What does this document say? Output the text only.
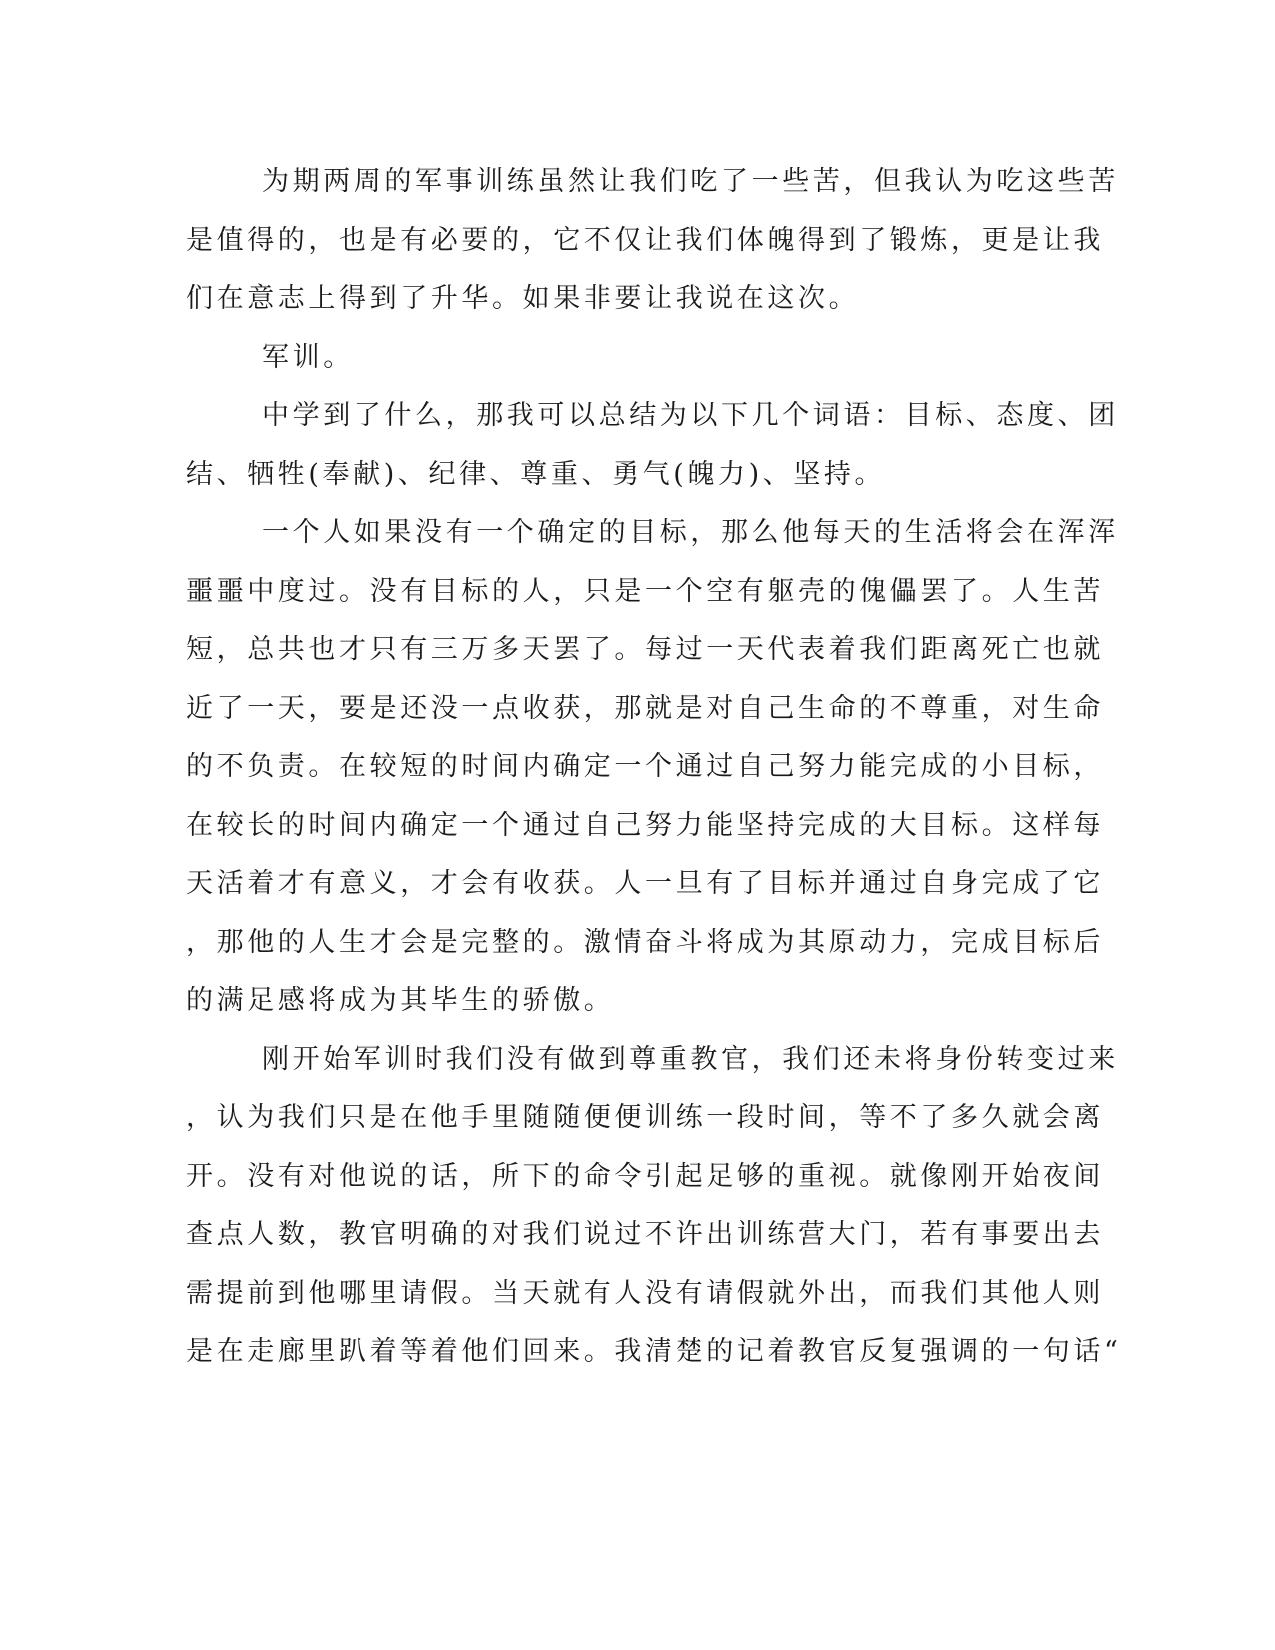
为期两周的军事训练虽然让我们吃了一些苦，但我认为吃这些苦
是值得的，也是有必要的，它不仅让我们体魄得到了锻炼，更是让我
们在意志上得到了升华。如果非要让我说在这次。
军训。
中学到了什么，那我可以总结为以下几个词语：目标、态度、团
结、牺牲(奉献)、纪律、尊重、勇气(魄力)、坚持。
一个人如果没有一个确定的目标，那么他每天的生活将会在浑浑
噩噩中度过。没有目标的人，只是一个空有躯壳的傀儡罢了。人生苦
短，总共也才只有三万多天罢了。每过一天代表着我们距离死亡也就
近了一天，要是还没一点收获，那就是对自己生命的不尊重，对生命
的不负责。在较短的时间内确定一个通过自己努力能完成的小目标，
在较长的时间内确定一个通过自己努力能坚持完成的大目标。这样每
天活着才有意义，才会有收获。人一旦有了目标并通过自身完成了它
，那他的人生才会是完整的。激情奋斗将成为其原动力，完成目标后
的满足感将成为其毕生的骄傲。
刚开始军训时我们没有做到尊重教官，我们还未将身份转变过来
，认为我们只是在他手里随随便便训练一段时间，等不了多久就会离
开。没有对他说的话，所下的命令引起足够的重视。就像刚开始夜间
查点人数，教官明确的对我们说过不许出训练营大门，若有事要出去
需提前到他哪里请假。当天就有人没有请假就外出，而我们其他人则
是在走廊里趴着等着他们回来。我清楚的记着教官反复强调的一句话“
